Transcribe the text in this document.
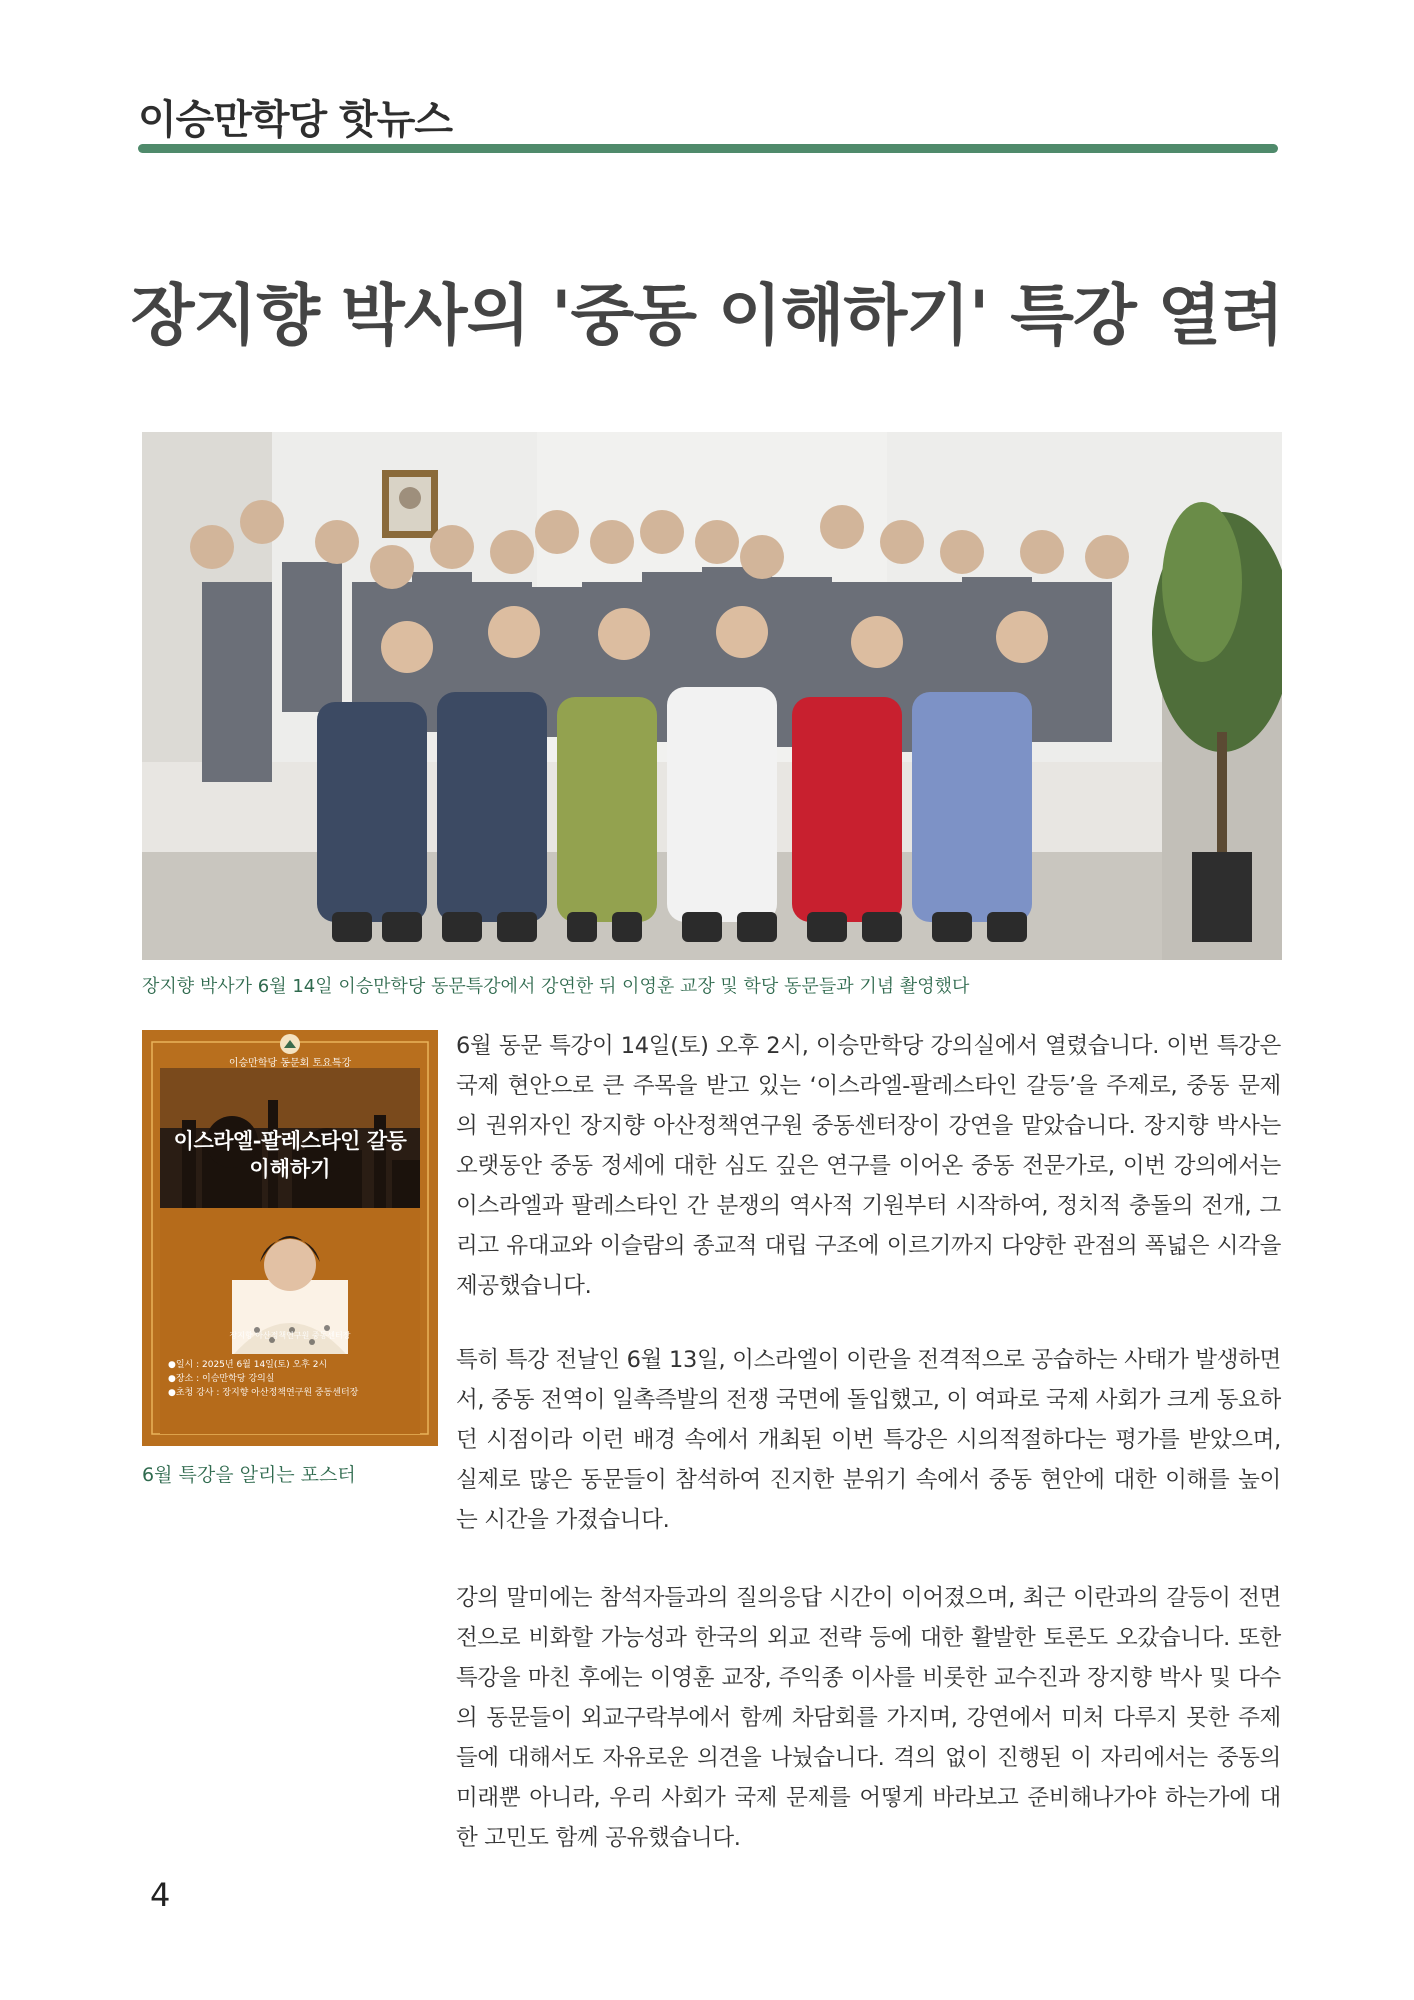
이승만학당 핫뉴스
장지향 박사의 '중동 이해하기' 특강 열려
장지향 박사가 6월 14일 이승만학당 동문특강에서 강연한 뒤 이영훈 교장 및 학당 동문들과 기념 촬영했다
이승만학당 동문회 토요특강
이스라엘-팔레스타인 갈등
이해하기
장지향 아산정책연구원 중동센터장
●일시 : 2025년 6월 14일(토) 오후 2시
●장소 : 이승만학당 강의실
●초청 강사 : 장지향 아산정책연구원 중동센터장
6월 특강을 알리는 포스터
6월 동문 특강이 14일(토) 오후 2시, 이승만학당 강의실에서 열렸습니다. 이번 특강은 국제 현안으로 큰 주목을 받고 있는 ‘이스라엘-팔레스타인 갈등’을 주제로, 중동 문제의 권위자인 장지향 아산정책연구원 중동센터장이 강연을 맡았습니다. 장지향 박사는 오랫동안 중동 정세에 대한 심도 깊은 연구를 이어온 중동 전문가로, 이번 강의에서는 이스라엘과 팔레스타인 간 분쟁의 역사적 기원부터 시작하여, 정치적 충돌의 전개, 그리고 유대교와 이슬람의 종교적 대립 구조에 이르기까지 다양한 관점의 폭넓은 시각을 제공했습니다.
특히 특강 전날인 6월 13일, 이스라엘이 이란을 전격적으로 공습하는 사태가 발생하면서, 중동 전역이 일촉즉발의 전쟁 국면에 돌입했고, 이 여파로 국제 사회가 크게 동요하던 시점이라 이런 배경 속에서 개최된 이번 특강은 시의적절하다는 평가를 받았으며, 실제로 많은 동문들이 참석하여 진지한 분위기 속에서 중동 현안에 대한 이해를 높이는 시간을 가졌습니다.
강의 말미에는 참석자들과의 질의응답 시간이 이어졌으며, 최근 이란과의 갈등이 전면전으로 비화할 가능성과 한국의 외교 전략 등에 대한 활발한 토론도 오갔습니다. 또한 특강을 마친 후에는 이영훈 교장, 주익종 이사를 비롯한 교수진과 장지향 박사 및 다수의 동문들이 외교구락부에서 함께 차담회를 가지며, 강연에서 미처 다루지 못한 주제들에 대해서도 자유로운 의견을 나눴습니다. 격의 없이 진행된 이 자리에서는 중동의 미래뿐 아니라, 우리 사회가 국제 문제를 어떻게 바라보고 준비해나가야 하는가에 대한 고민도 함께 공유했습니다.
4
